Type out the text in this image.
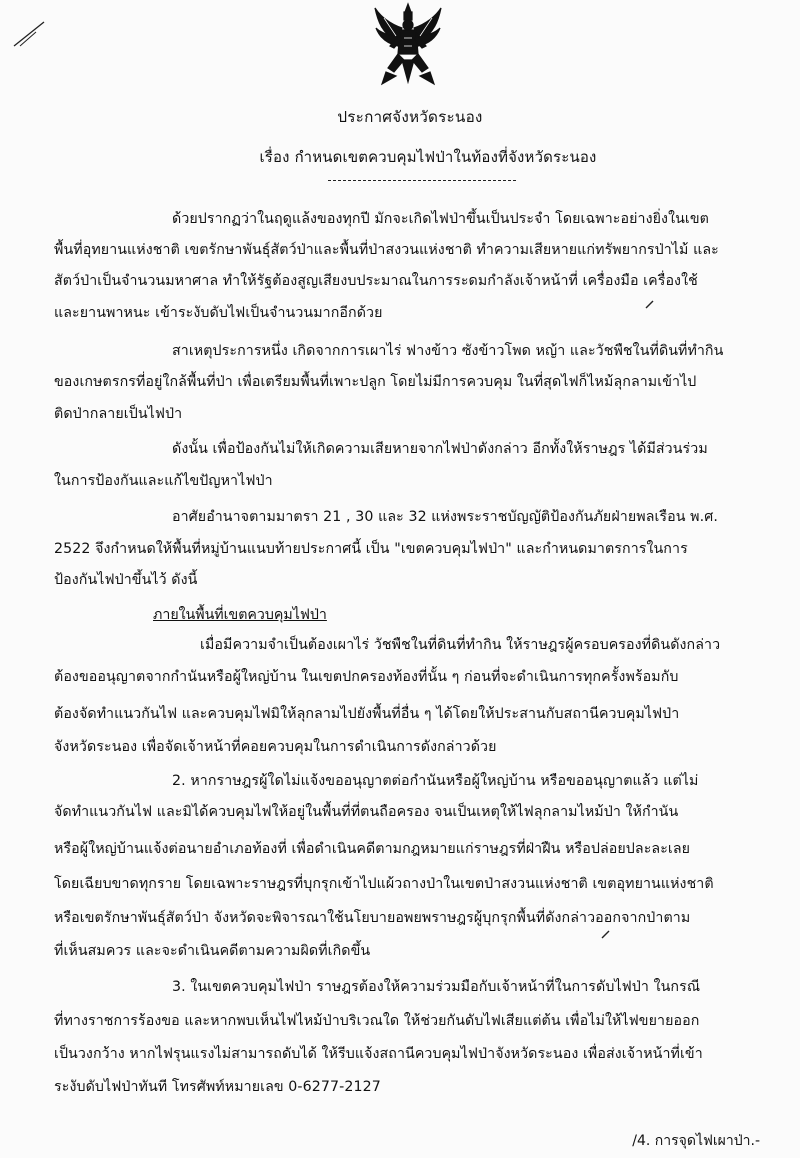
ประกาศจังหวัดระนอง
เรื่อง กำหนดเขตควบคุมไฟป่าในท้องที่จังหวัดระนอง
ด้วยปรากฏว่าในฤดูแล้งของทุกปี มักจะเกิดไฟป่าขึ้นเป็นประจำ โดยเฉพาะอย่างยิ่งในเขต
พื้นที่อุทยานแห่งชาติ เขตรักษาพันธุ์สัตว์ป่าและพื้นที่ป่าสงวนแห่งชาติ ทำความเสียหายแก่ทรัพยากรป่าไม้ และ
สัตว์ป่าเป็นจำนวนมหาศาล ทำให้รัฐต้องสูญเสียงบประมาณในการระดมกำลังเจ้าหน้าที่ เครื่องมือ เครื่องใช้
และยานพาหนะ เข้าระงับดับไฟเป็นจำนวนมากอีกด้วย
สาเหตุประการหนึ่ง เกิดจากการเผาไร่ ฟางข้าว ซังข้าวโพด หญ้า และวัชพืชในที่ดินที่ทำกิน
ของเกษตรกรที่อยู่ใกล้พื้นที่ป่า เพื่อเตรียมพื้นที่เพาะปลูก โดยไม่มีการควบคุม ในที่สุดไฟก็ไหม้ลุกลามเข้าไป
ติดป่ากลายเป็นไฟป่า
ดังนั้น เพื่อป้องกันไม่ให้เกิดความเสียหายจากไฟป่าดังกล่าว อีกทั้งให้ราษฎร ได้มีส่วนร่วม
ในการป้องกันและแก้ไขปัญหาไฟป่า
อาศัยอำนาจตามมาตรา 21 , 30 และ 32 แห่งพระราชบัญญัติป้องกันภัยฝ่ายพลเรือน พ.ศ.
2522 จึงกำหนดให้พื้นที่หมู่บ้านแนบท้ายประกาศนี้ เป็น "เขตควบคุมไฟป่า" และกำหนดมาตรการในการ
ป้องกันไฟป่าขึ้นไว้ ดังนี้
ภายในพื้นที่เขตควบคุมไฟป่า
เมื่อมีความจำเป็นต้องเผาไร่ วัชพืชในที่ดินที่ทำกิน ให้ราษฎรผู้ครอบครองที่ดินดังกล่าว
ต้องขออนุญาตจากกำนันหรือผู้ใหญ่บ้าน ในเขตปกครองท้องที่นั้น ๆ ก่อนที่จะดำเนินการทุกครั้งพร้อมกับ
ต้องจัดทำแนวกันไฟ และควบคุมไฟมิให้ลุกลามไปยังพื้นที่อื่น ๆ ได้โดยให้ประสานกับสถานีควบคุมไฟป่า
จังหวัดระนอง เพื่อจัดเจ้าหน้าที่คอยควบคุมในการดำเนินการดังกล่าวด้วย
2. หากราษฎรผู้ใดไม่แจ้งขออนุญาตต่อกำนันหรือผู้ใหญ่บ้าน หรือขออนุญาตแล้ว แต่ไม่
จัดทำแนวกันไฟ และมิได้ควบคุมไฟให้อยู่ในพื้นที่ที่ตนถือครอง จนเป็นเหตุให้ไฟลุกลามไหม้ป่า ให้กำนัน
หรือผู้ใหญ่บ้านแจ้งต่อนายอำเภอท้องที่ เพื่อดำเนินคดีตามกฎหมายแก่ราษฎรที่ฝ่าฝืน หรือปล่อยปละละเลย
โดยเฉียบขาดทุกราย โดยเฉพาะราษฎรที่บุกรุกเข้าไปแผ้วถางป่าในเขตป่าสงวนแห่งชาติ เขตอุทยานแห่งชาติ
หรือเขตรักษาพันธุ์สัตว์ป่า จังหวัดจะพิจารณาใช้นโยบายอพยพราษฎรผู้บุกรุกพื้นที่ดังกล่าวออกจากป่าตาม
ที่เห็นสมควร และจะดำเนินคดีตามความผิดที่เกิดขึ้น
3. ในเขตควบคุมไฟป่า ราษฎรต้องให้ความร่วมมือกับเจ้าหน้าที่ในการดับไฟป่า ในกรณี
ที่ทางราชการร้องขอ และหากพบเห็นไฟไหม้ป่าบริเวณใด ให้ช่วยกันดับไฟเสียแต่ต้น เพื่อไม่ให้ไฟขยายออก
เป็นวงกว้าง หากไฟรุนแรงไม่สามารถดับได้ ให้รีบแจ้งสถานีควบคุมไฟป่าจังหวัดระนอง เพื่อส่งเจ้าหน้าที่เข้า
ระงับดับไฟป่าทันที โทรศัพท์หมายเลข 0-6277-2127
/4. การจุดไฟเผาป่า.-
